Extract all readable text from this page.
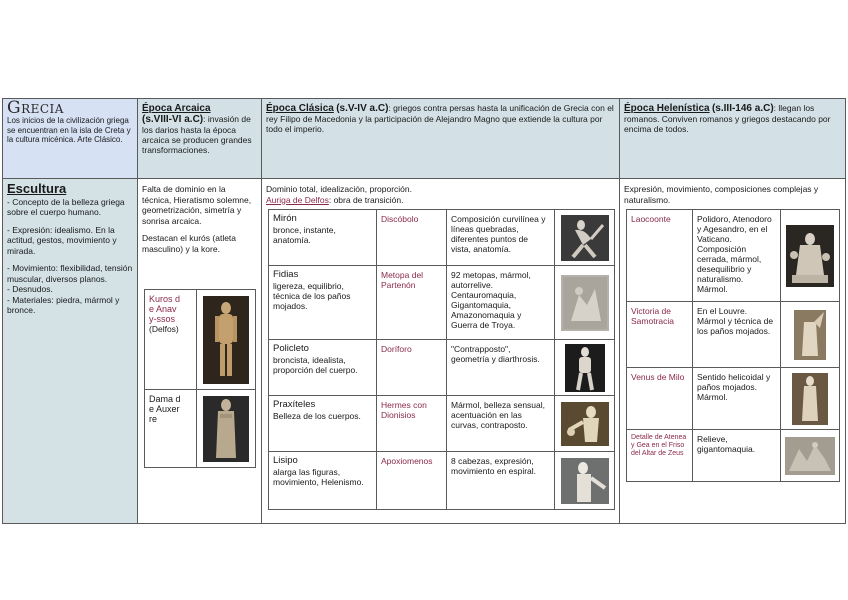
Grecia
Los inicios de la civilización griega se encuentran en la isla de Creta y la cultura micénica. Arte Clásico.
Escultura
- Concepto de la belleza griega sobre el cuerpo humano.
- Expresión: idealismo. En la actitud, gestos, movimiento y mirada.
- Movimiento: flexibilidad, tensión muscular, diversos planos.
- Desnudos.
- Materiales: piedra, mármol y bronce.
Época Arcaica
(s.VIII-VI a.C): invasión de los darios hasta la época arcaica se producen grandes transformaciones.
Falta de dominio en la técnica, Hieratismo solemne, geometrización, simetría y sonrisa arcaica.
Destacan el kurós (atleta masculino) y la kore.
Kuros de Anavy-ssos
(Delfos)	

Dama de Auxerre

Época Clásica (s.V-IV a.C): griegos contra persas hasta la unificación de Grecia con el rey Filipo de Macedonia y la participación de Alejandro Magno que extiende la cultura por todo el imperio.
Dominio total, idealización, proporción.
Auriga de Delfos: obra de transición.
Mirón
bronce, instante, anatomía.	Discóbolo	Composición curvilínea y líneas quebradas, diferentes puntos de vista, anatomía.	

Fidias
ligereza, equilibrio, técnica de los paños mojados.	Metopa del Partenón	92 metopas, mármol, autorrelive. Centauromaquia, Gigantomaquia, Amazonomaquia y Guerra de Troya.	

Policleto
broncista, idealista, proporción del cuerpo.	Doríforo	"Contrapposto", geometría y diarthrosis.	

Praxíteles
Belleza de los cuerpos.	Hermes con Dionisios	Mármol, belleza sensual, acentuación en las curvas, contraposto.	

Lisipo
alarga las figuras, movimiento, Helenismo.	Apoxiomenos	8 cabezas, expresión, movimiento en espiral.	
Época Helenística (s.III-146 a.C): llegan los romanos. Conviven romanos y griegos destacando por encima de todos.
Expresión, movimiento, composiciones complejas y naturalismo.
Laocoonte	Polidoro, Atenodoro y Agesandro, en el Vaticano. Composición cerrada, mármol, desequilibrio y naturalismo. Mármol.	

Victoria de Samotracia	En el Louvre. Mármol y técnica de los paños mojados.	

Venus de Milo	Sentido helicoidal y paños mojados. Mármol.	

Detalle de Atenea y Gea en el Friso del Altar de Zeus	Relieve, gigantomaquia.	
